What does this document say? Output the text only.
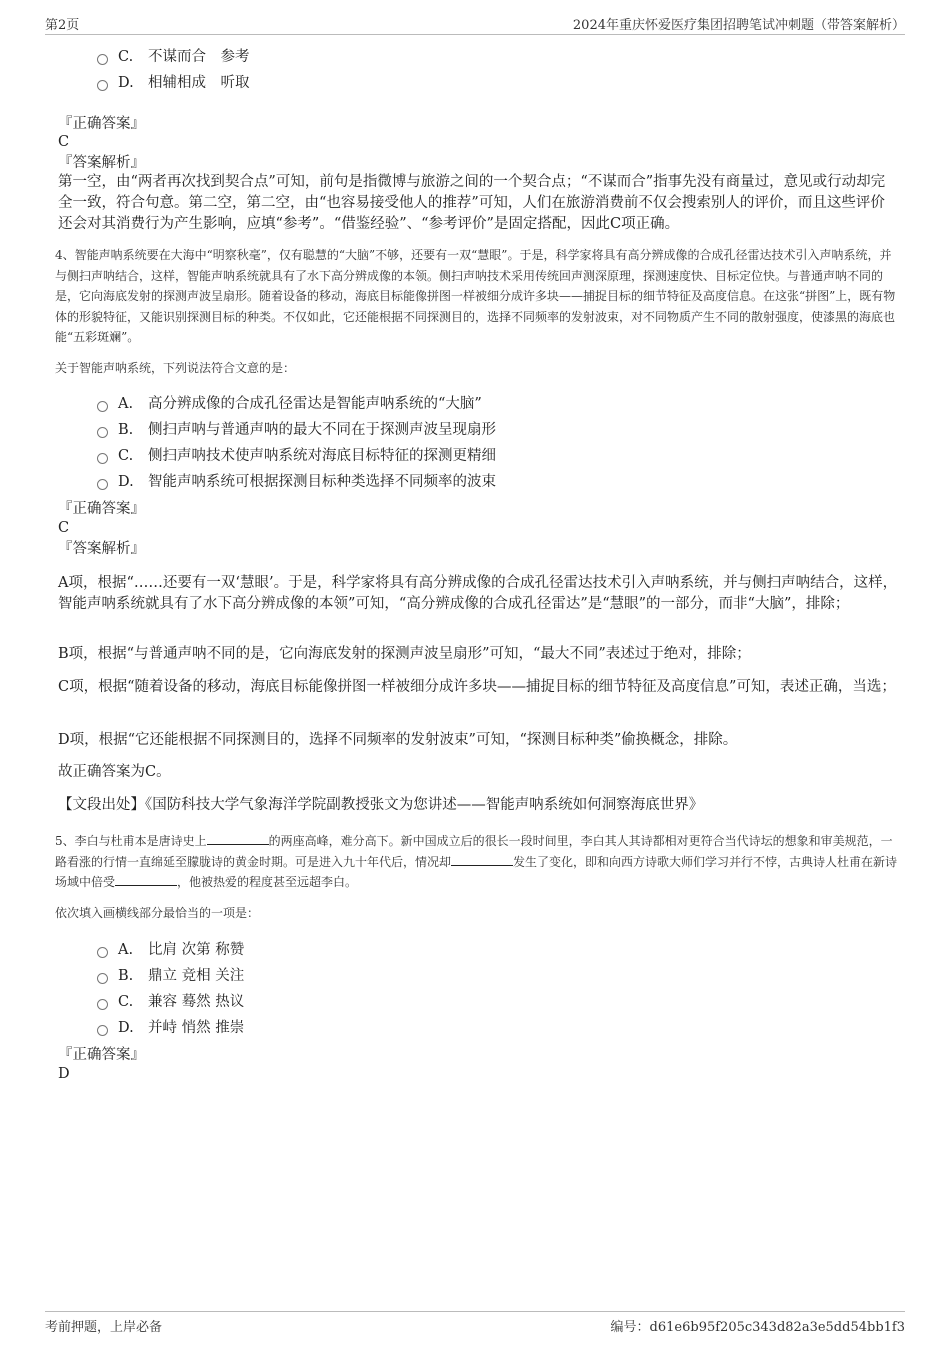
第2页	2024年重庆怀爱医疗集团招聘笔试冲刺题（带答案解析）
C. 不谋而合　参考
D. 相辅相成　听取
『正确答案』
C
『答案解析』
第一空，由“两者再次找到契合点”可知，前句是指微博与旅游之间的一个契合点；“不谋而合”指事先没有商量过，意见或行动却完全一致，符合句意。第二空，第二空，由“也容易接受他人的推荐”可知，人们在旅游消费前不仅会搜索别人的评价，而且这些评价还会对其消费行为产生影响，应填“参考”。“借鉴经验”、“参考评价”是固定搭配，因此C项正确。
4、智能声呐系统要在大海中“明察秋毫”，仅有聪慧的“大脑”不够，还要有一双“慧眼”。于是，科学家将具有高分辨成像的合成孔径雷达技术引入声呐系统，并与侧扫声呐结合，这样，智能声呐系统就具有了水下高分辨成像的本领。侧扫声呐技术采用传统回声测深原理，探测速度快、目标定位快。与普通声呐不同的是，它向海底发射的探测声波呈扇形。随着设备的移动，海底目标能像拼图一样被细分成许多块——捕捉目标的细节特征及高度信息。在这张“拼图”上，既有物体的形貌特征，又能识别探测目标的种类。不仅如此，它还能根据不同探测目的，选择不同频率的发射波束，对不同物质产生不同的散射强度，使漆黑的海底也能“五彩斑斓”。
关于智能声呐系统，下列说法符合文意的是：
A. 高分辨成像的合成孔径雷达是智能声呐系统的“大脑”
B. 侧扫声呐与普通声呐的最大不同在于探测声波呈现扇形
C. 侧扫声呐技术使声呐系统对海底目标特征的探测更精细
D. 智能声呐系统可根据探测目标种类选择不同频率的波束
『正确答案』
C
『答案解析』
A项，根据“……还要有一双‘慧眼’。于是，科学家将具有高分辨成像的合成孔径雷达技术引入声呐系统，并与侧扫声呐结合，这样，智能声呐系统就具有了水下高分辨成像的本领”可知，“高分辨成像的合成孔径雷达”是“慧眼”的一部分，而非“大脑”，排除；
B项，根据“与普通声呐不同的是，它向海底发射的探测声波呈扇形”可知，“最大不同”表述过于绝对，排除；
C项，根据“随着设备的移动，海底目标能像拼图一样被细分成许多块——捕捉目标的细节特征及高度信息”可知，表述正确，当选；
D项，根据“它还能根据不同探测目的，选择不同频率的发射波束”可知，“探测目标种类”偷换概念，排除。
故正确答案为C。
【文段出处】《国防科技大学气象海洋学院副教授张文为您讲述——智能声呐系统如何洞察海底世界》
5、李白与杜甫本是唐诗史上	的两座高峰，难分高下。新中国成立后的很长一段时间里，李白其人其诗都相对更符合当代诗坛的想象和审美规范，一路看涨的行情一直绵延至朦胧诗的黄金时期。可是进入九十年代后，情况却	发生了变化，即和向西方诗歌大师们学习并行不悖，古典诗人杜甫在新诗场域中倍受	，他被热爱的程度甚至远超李白。
依次填入画横线部分最恰当的一项是：
A. 比肩 次第 称赞
B. 鼎立 竞相 关注
C. 兼容 蓦然 热议
D. 并峙 悄然 推崇
『正确答案』
D
考前押题，上岸必备	编号：d61e6b95f205c343d82a3e5dd54bb1f3
